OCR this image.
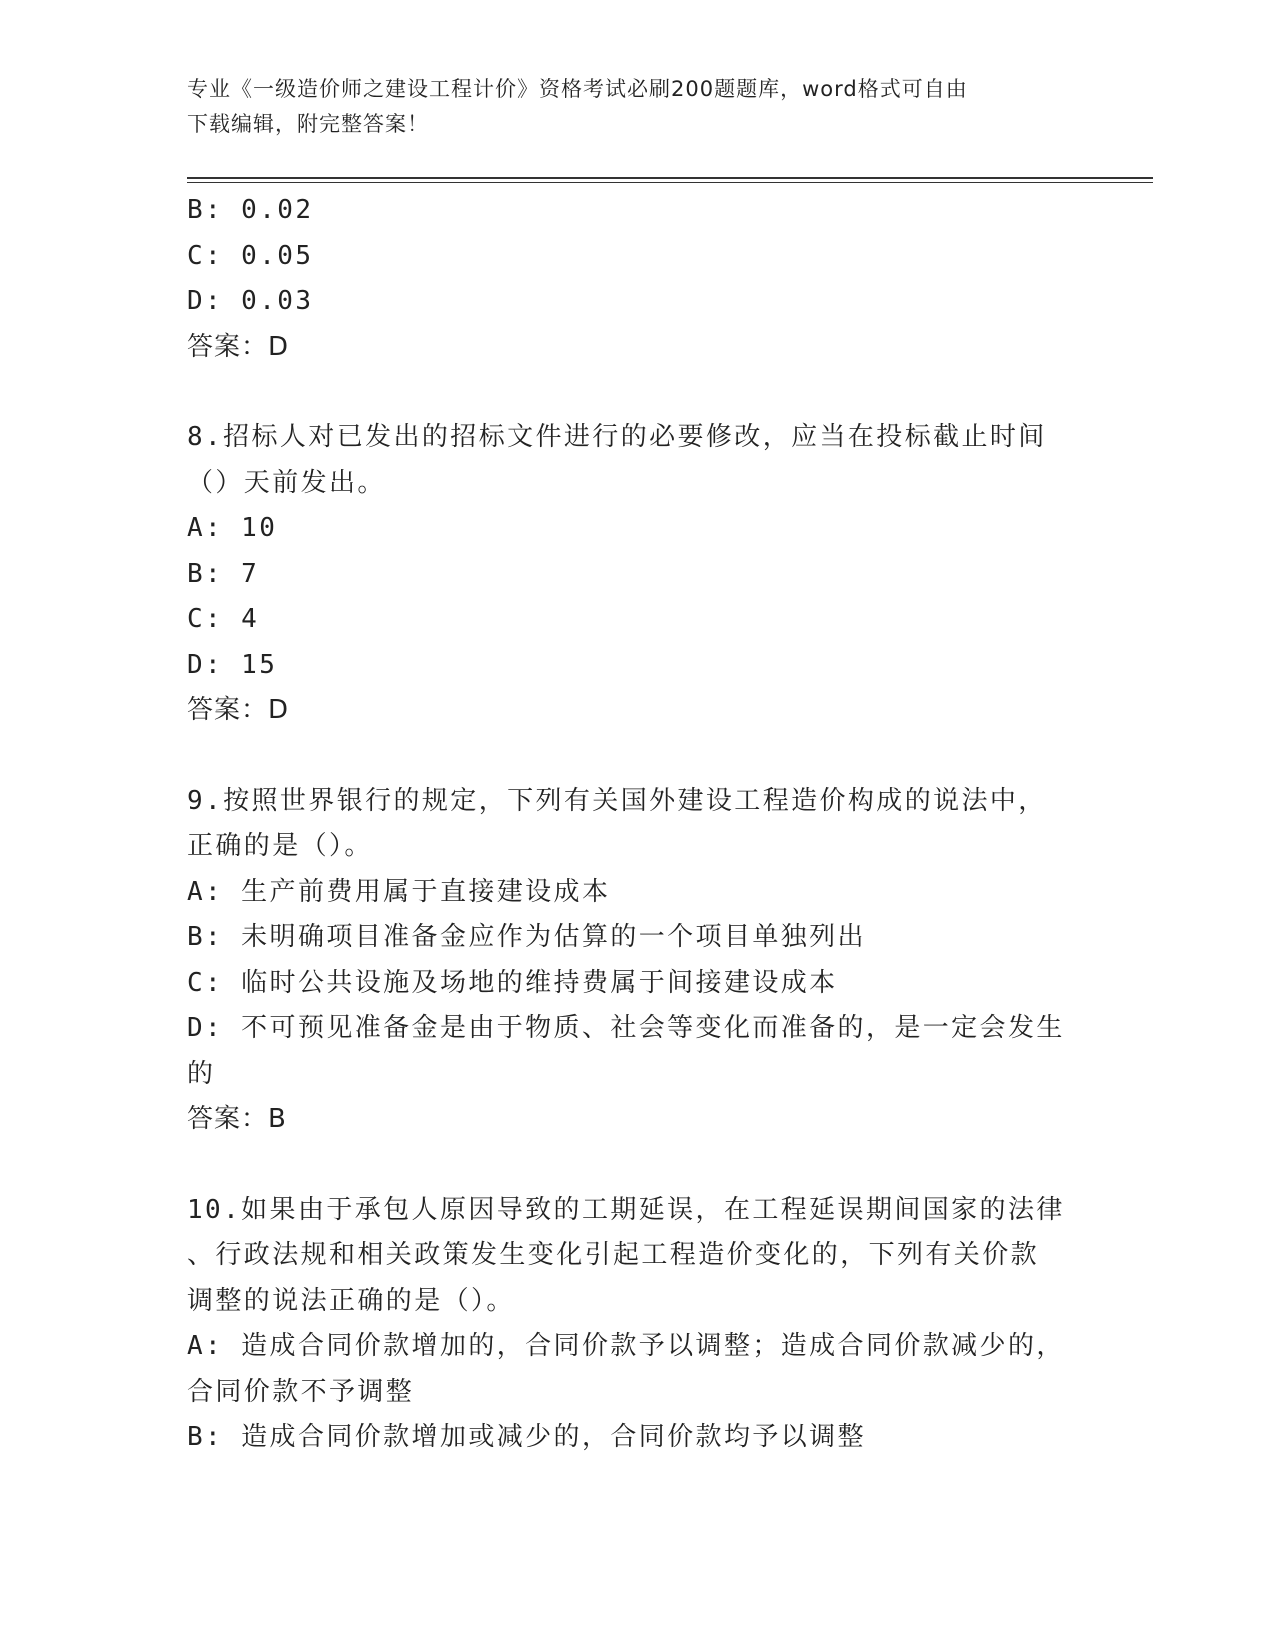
专业《一级造价师之建设工程计价》资格考试必刷200题题库，word格式可自由
下载编辑，附完整答案！
B: 0.02
C: 0.05
D: 0.03
答案：D
8.招标人对已发出的招标文件进行的必要修改，应当在投标截止时间
（）天前发出。
A: 10
B: 7
C: 4
D: 15
答案：D
9.按照世界银行的规定，下列有关国外建设工程造价构成的说法中，
正确的是（）。
A: 生产前费用属于直接建设成本
B: 未明确项目准备金应作为估算的一个项目单独列出
C: 临时公共设施及场地的维持费属于间接建设成本
D: 不可预见准备金是由于物质、社会等变化而准备的，是一定会发生
的
答案：B
10.如果由于承包人原因导致的工期延误，在工程延误期间国家的法律
、行政法规和相关政策发生变化引起工程造价变化的，下列有关价款
调整的说法正确的是（）。
A: 造成合同价款增加的，合同价款予以调整；造成合同价款减少的，
合同价款不予调整
B: 造成合同价款增加或减少的，合同价款均予以调整
